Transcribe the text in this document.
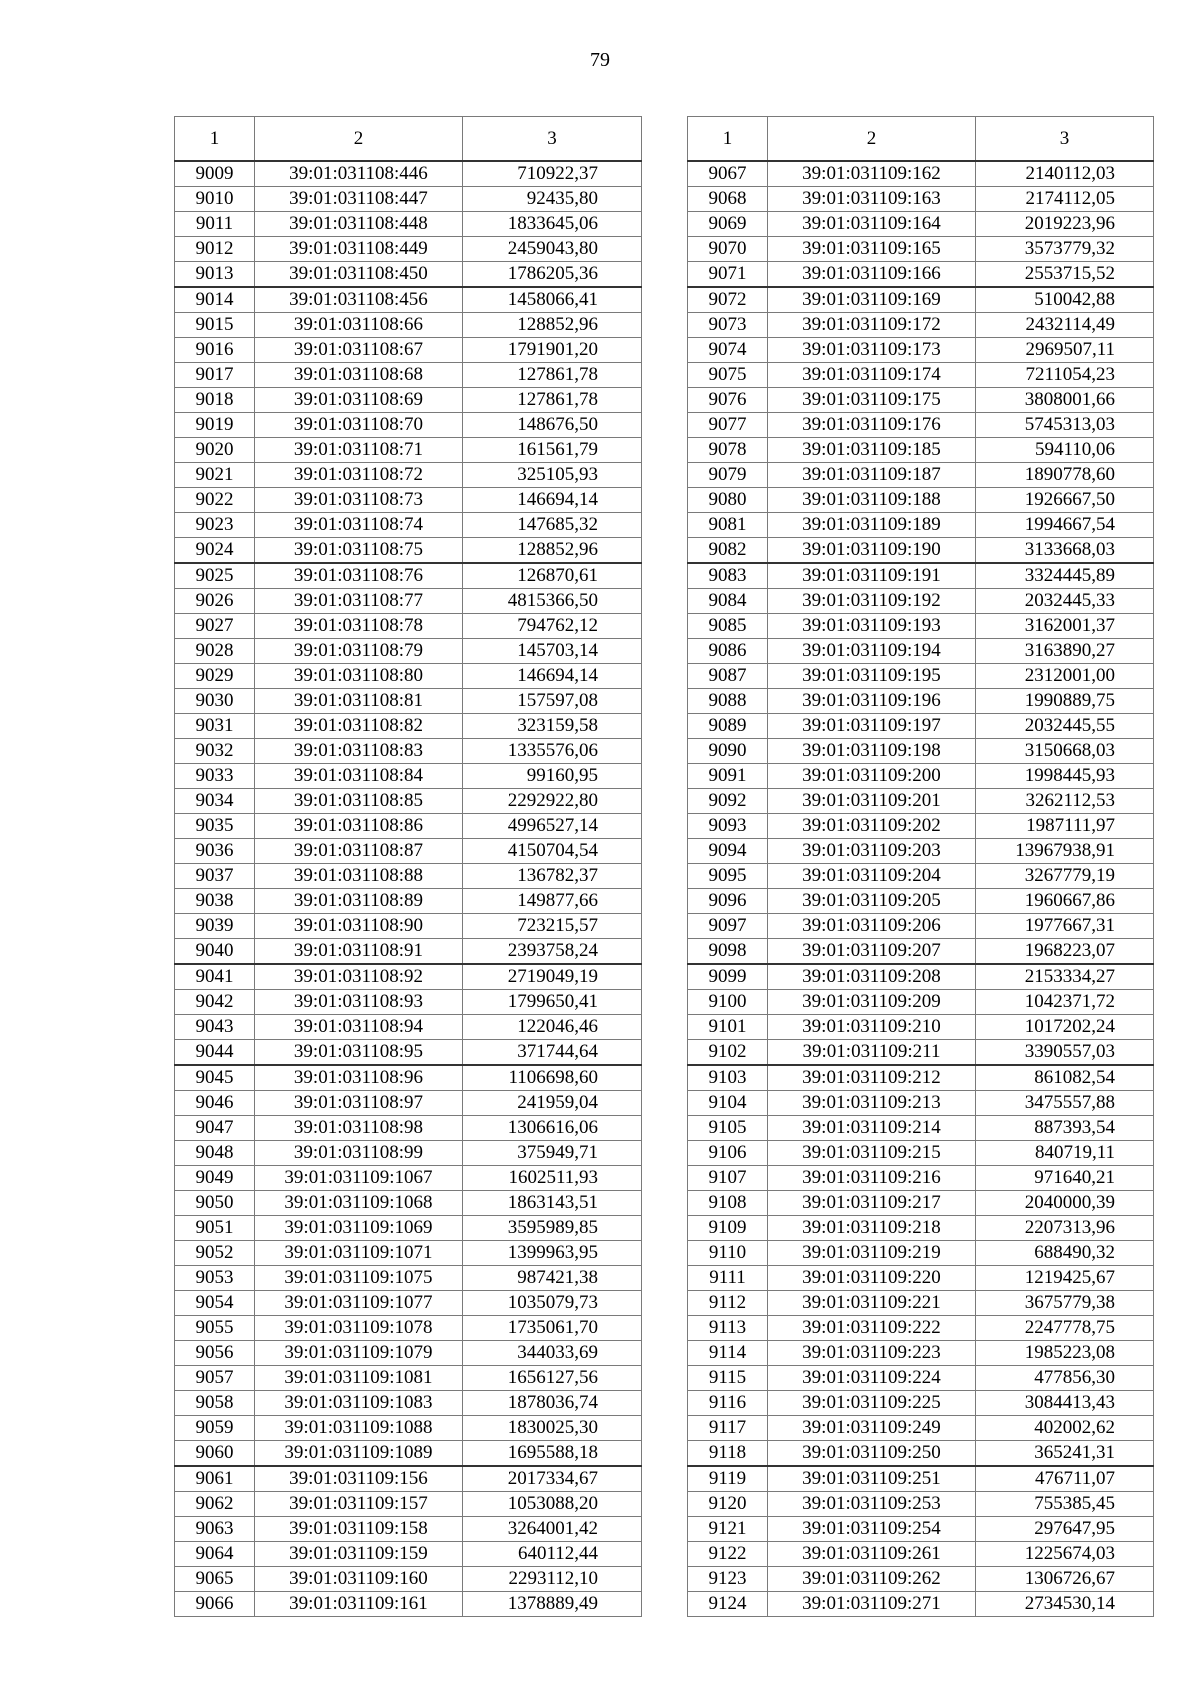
79
1	2	3
9009	39:01:031108:446	710922,37
9010	39:01:031108:447	92435,80
9011	39:01:031108:448	1833645,06
9012	39:01:031108:449	2459043,80
9013	39:01:031108:450	1786205,36
9014	39:01:031108:456	1458066,41
9015	39:01:031108:66	128852,96
9016	39:01:031108:67	1791901,20
9017	39:01:031108:68	127861,78
9018	39:01:031108:69	127861,78
9019	39:01:031108:70	148676,50
9020	39:01:031108:71	161561,79
9021	39:01:031108:72	325105,93
9022	39:01:031108:73	146694,14
9023	39:01:031108:74	147685,32
9024	39:01:031108:75	128852,96
9025	39:01:031108:76	126870,61
9026	39:01:031108:77	4815366,50
9027	39:01:031108:78	794762,12
9028	39:01:031108:79	145703,14
9029	39:01:031108:80	146694,14
9030	39:01:031108:81	157597,08
9031	39:01:031108:82	323159,58
9032	39:01:031108:83	1335576,06
9033	39:01:031108:84	99160,95
9034	39:01:031108:85	2292922,80
9035	39:01:031108:86	4996527,14
9036	39:01:031108:87	4150704,54
9037	39:01:031108:88	136782,37
9038	39:01:031108:89	149877,66
9039	39:01:031108:90	723215,57
9040	39:01:031108:91	2393758,24
9041	39:01:031108:92	2719049,19
9042	39:01:031108:93	1799650,41
9043	39:01:031108:94	122046,46
9044	39:01:031108:95	371744,64
9045	39:01:031108:96	1106698,60
9046	39:01:031108:97	241959,04
9047	39:01:031108:98	1306616,06
9048	39:01:031108:99	375949,71
9049	39:01:031109:1067	1602511,93
9050	39:01:031109:1068	1863143,51
9051	39:01:031109:1069	3595989,85
9052	39:01:031109:1071	1399963,95
9053	39:01:031109:1075	987421,38
9054	39:01:031109:1077	1035079,73
9055	39:01:031109:1078	1735061,70
9056	39:01:031109:1079	344033,69
9057	39:01:031109:1081	1656127,56
9058	39:01:031109:1083	1878036,74
9059	39:01:031109:1088	1830025,30
9060	39:01:031109:1089	1695588,18
9061	39:01:031109:156	2017334,67
9062	39:01:031109:157	1053088,20
9063	39:01:031109:158	3264001,42
9064	39:01:031109:159	640112,44
9065	39:01:031109:160	2293112,10
9066	39:01:031109:161	1378889,49
1	2	3
9067	39:01:031109:162	2140112,03
9068	39:01:031109:163	2174112,05
9069	39:01:031109:164	2019223,96
9070	39:01:031109:165	3573779,32
9071	39:01:031109:166	2553715,52
9072	39:01:031109:169	510042,88
9073	39:01:031109:172	2432114,49
9074	39:01:031109:173	2969507,11
9075	39:01:031109:174	7211054,23
9076	39:01:031109:175	3808001,66
9077	39:01:031109:176	5745313,03
9078	39:01:031109:185	594110,06
9079	39:01:031109:187	1890778,60
9080	39:01:031109:188	1926667,50
9081	39:01:031109:189	1994667,54
9082	39:01:031109:190	3133668,03
9083	39:01:031109:191	3324445,89
9084	39:01:031109:192	2032445,33
9085	39:01:031109:193	3162001,37
9086	39:01:031109:194	3163890,27
9087	39:01:031109:195	2312001,00
9088	39:01:031109:196	1990889,75
9089	39:01:031109:197	2032445,55
9090	39:01:031109:198	3150668,03
9091	39:01:031109:200	1998445,93
9092	39:01:031109:201	3262112,53
9093	39:01:031109:202	1987111,97
9094	39:01:031109:203	13967938,91
9095	39:01:031109:204	3267779,19
9096	39:01:031109:205	1960667,86
9097	39:01:031109:206	1977667,31
9098	39:01:031109:207	1968223,07
9099	39:01:031109:208	2153334,27
9100	39:01:031109:209	1042371,72
9101	39:01:031109:210	1017202,24
9102	39:01:031109:211	3390557,03
9103	39:01:031109:212	861082,54
9104	39:01:031109:213	3475557,88
9105	39:01:031109:214	887393,54
9106	39:01:031109:215	840719,11
9107	39:01:031109:216	971640,21
9108	39:01:031109:217	2040000,39
9109	39:01:031109:218	2207313,96
9110	39:01:031109:219	688490,32
9111	39:01:031109:220	1219425,67
9112	39:01:031109:221	3675779,38
9113	39:01:031109:222	2247778,75
9114	39:01:031109:223	1985223,08
9115	39:01:031109:224	477856,30
9116	39:01:031109:225	3084413,43
9117	39:01:031109:249	402002,62
9118	39:01:031109:250	365241,31
9119	39:01:031109:251	476711,07
9120	39:01:031109:253	755385,45
9121	39:01:031109:254	297647,95
9122	39:01:031109:261	1225674,03
9123	39:01:031109:262	1306726,67
9124	39:01:031109:271	2734530,14
